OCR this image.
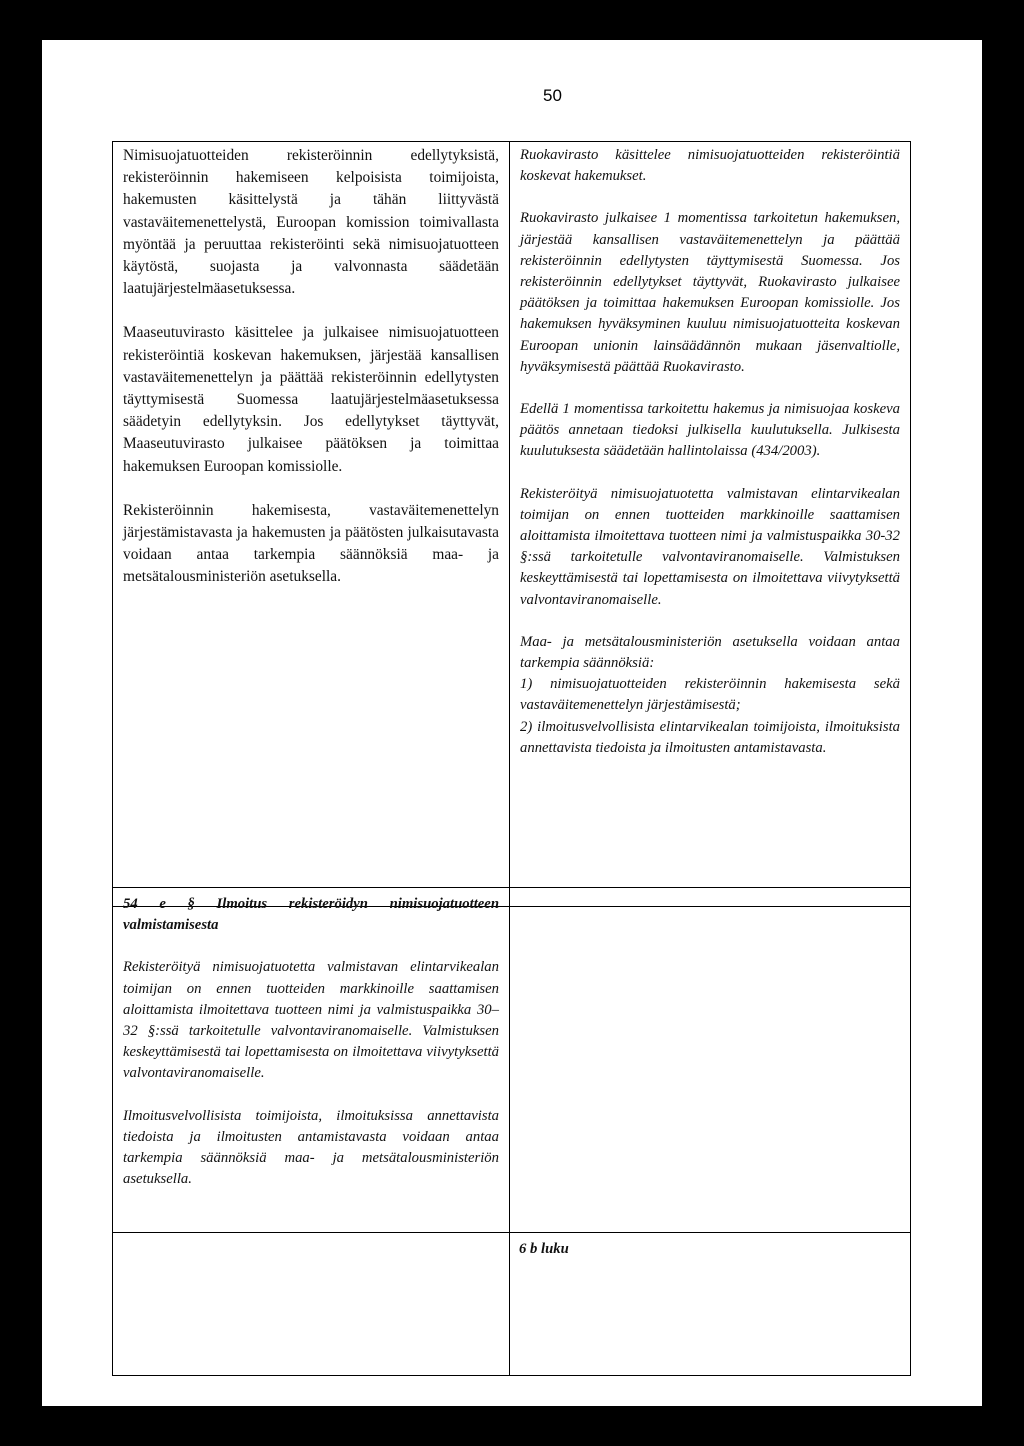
50

Nimisuojatuotteiden rekisteröinnin edellytyksistä, rekisteröinnin hakemiseen kelpoisista toimijoista, hakemusten käsittelystä ja tähän liittyvästä vastaväitemenettelystä, Euroopan komission toimivallasta myöntää ja peruuttaa rekisteröinti sekä nimisuojatuotteen käytöstä, suojasta ja valvonnasta säädetään laatujärjestelmäasetuksessa.

Maaseutuvirasto käsittelee ja julkaisee nimisuojatuotteen rekisteröintiä koskevan hakemuksen, järjestää kansallisen vastaväitemenettelyn ja päättää rekisteröinnin edellytysten täyttymisestä Suomessa laatujärjestelmäasetuksessa säädetyin edellytyksin. Jos edellytykset täyttyvät, Maaseutuvirasto julkaisee päätöksen ja toimittaa hakemuksen Euroopan komissiolle.

Rekisteröinnin hakemisesta, vastaväitemenettelyn järjestämistavasta ja hakemusten ja päätösten julkaisutavasta voidaan antaa tarkempia säännöksiä maa- ja metsätalousministeriön asetuksella.

Ruokavirasto käsittelee nimisuojatuotteiden rekisteröintiä koskevat hakemukset.

Ruokavirasto julkaisee 1 momentissa tarkoitetun hakemuksen, järjestää kansallisen vastaväitemenettelyn ja päättää rekisteröinnin edellytysten täyttymisestä Suomessa. Jos rekisteröinnin edellytykset täyttyvät, Ruokavirasto julkaisee päätöksen ja toimittaa hakemuksen Euroopan komissiolle. Jos hakemuksen hyväksyminen kuuluu nimisuojatuotteita koskevan Euroopan unionin lainsäädännön mukaan jäsenvaltiolle, hyväksymisestä päättää Ruokavirasto.

Edellä 1 momentissa tarkoitettu hakemus ja nimisuojaa koskeva päätös annetaan tiedoksi julkisella kuulutuksella. Julkisesta kuulutuksesta säädetään hallintolaissa (434/2003).

Rekisteröityä nimisuojatuotetta valmistavan elintarvikealan toimijan on ennen tuotteiden markkinoille saattamisen aloittamista ilmoitettava tuotteen nimi ja valmistuspaikka 30-32 §:ssä tarkoitetulle valvontaviranomaiselle. Valmistuksen keskeyttämisestä tai lopettamisesta on ilmoitettava viivytyksettä valvontaviranomaiselle.

Maa- ja metsätalousministeriön asetuksella voidaan antaa tarkempia säännöksiä:

1) nimisuojatuotteiden rekisteröinnin hakemisesta sekä vastaväitemenettelyn järjestämisestä;

2) ilmoitusvelvollisista elintarvikealan toimijoista, ilmoituksista annettavista tiedoista ja ilmoitusten antamistavasta.

54 e § Ilmoitus rekisteröidyn nimisuojatuotteen valmistamisesta

Rekisteröityä nimisuojatuotetta valmistavan elintarvikealan toimijan on ennen tuotteiden markkinoille saattamisen aloittamista ilmoitettava tuotteen nimi ja valmistuspaikka 30–32 §:ssä tarkoitetulle valvontaviranomaiselle. Valmistuksen keskeyttämisestä tai lopettamisesta on ilmoitettava viivytyksettä valvontaviranomaiselle.

Ilmoitusvelvollisista toimijoista, ilmoituksissa annettavista tiedoista ja ilmoitusten antamistavasta voidaan antaa tarkempia säännöksiä maa- ja metsätalousministeriön asetuksella.

6 b luku
